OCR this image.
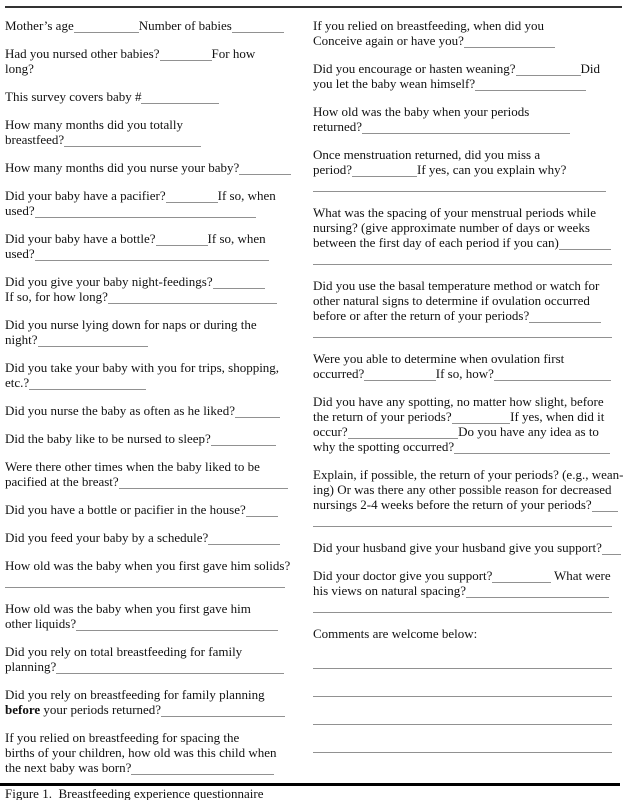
Mother’s age	Number of babies

Had you nursed other babies?	For how
long?

This survey covers baby #

How many months did you totally
breastfeed?

How many months did you nurse your baby?

Did your baby have a pacifier?	If so, when
used?

Did your baby have a bottle?	If so, when
used?

Did you give your baby night-feedings?
If so, for how long?

Did you nurse lying down for naps or during the
night?

Did you take your baby with you for trips, shopping,
etc.?

Did you nurse the baby as often as he liked?

Did the baby like to be nursed to sleep?

Were there other times when the baby liked to be
pacified at the breast?

Did you have a bottle or pacifier in the house?

Did you feed your baby by a schedule?

How old was the baby when you first gave him solids?

How old was the baby when you first gave him
other liquids?

Did you rely on total breastfeeding for family
planning?

Did you rely on breastfeeding for family planning
before your periods returned?

If you relied on breastfeeding for spacing the
births of your children, how old was this child when
the next baby was born?

If you relied on breastfeeding, when did you
Conceive again or have you?

Did you encourage or hasten weaning?	Did
you let the baby wean himself?

How old was the baby when your periods
returned?

Once menstruation returned, did you miss a
period?	If yes, can you explain why?

What was the spacing of your menstrual periods while
nursing? (give approximate number of days or weeks
between the first day of each period if you can)

Did you use the basal temperature method or watch for
other natural signs to determine if ovulation occurred
before or after the return of your periods?

Were you able to determine when ovulation first
occurred?	If so, how?

Did you have any spotting, no matter how slight, before
the return of your periods?	If yes, when did it
occur?	Do you have any idea as to
why the spotting occurred?

Explain, if possible, the return of your periods? (e.g., wean-
ing) Or was there any other possible reason for decreased
nursings 2-4 weeks before the return of your periods?

Did your husband give your husband give you support?

Did your doctor give you support?	What were
his views on natural spacing?

Comments are welcome below:

Figure 1.  Breastfeeding experience questionnaire
